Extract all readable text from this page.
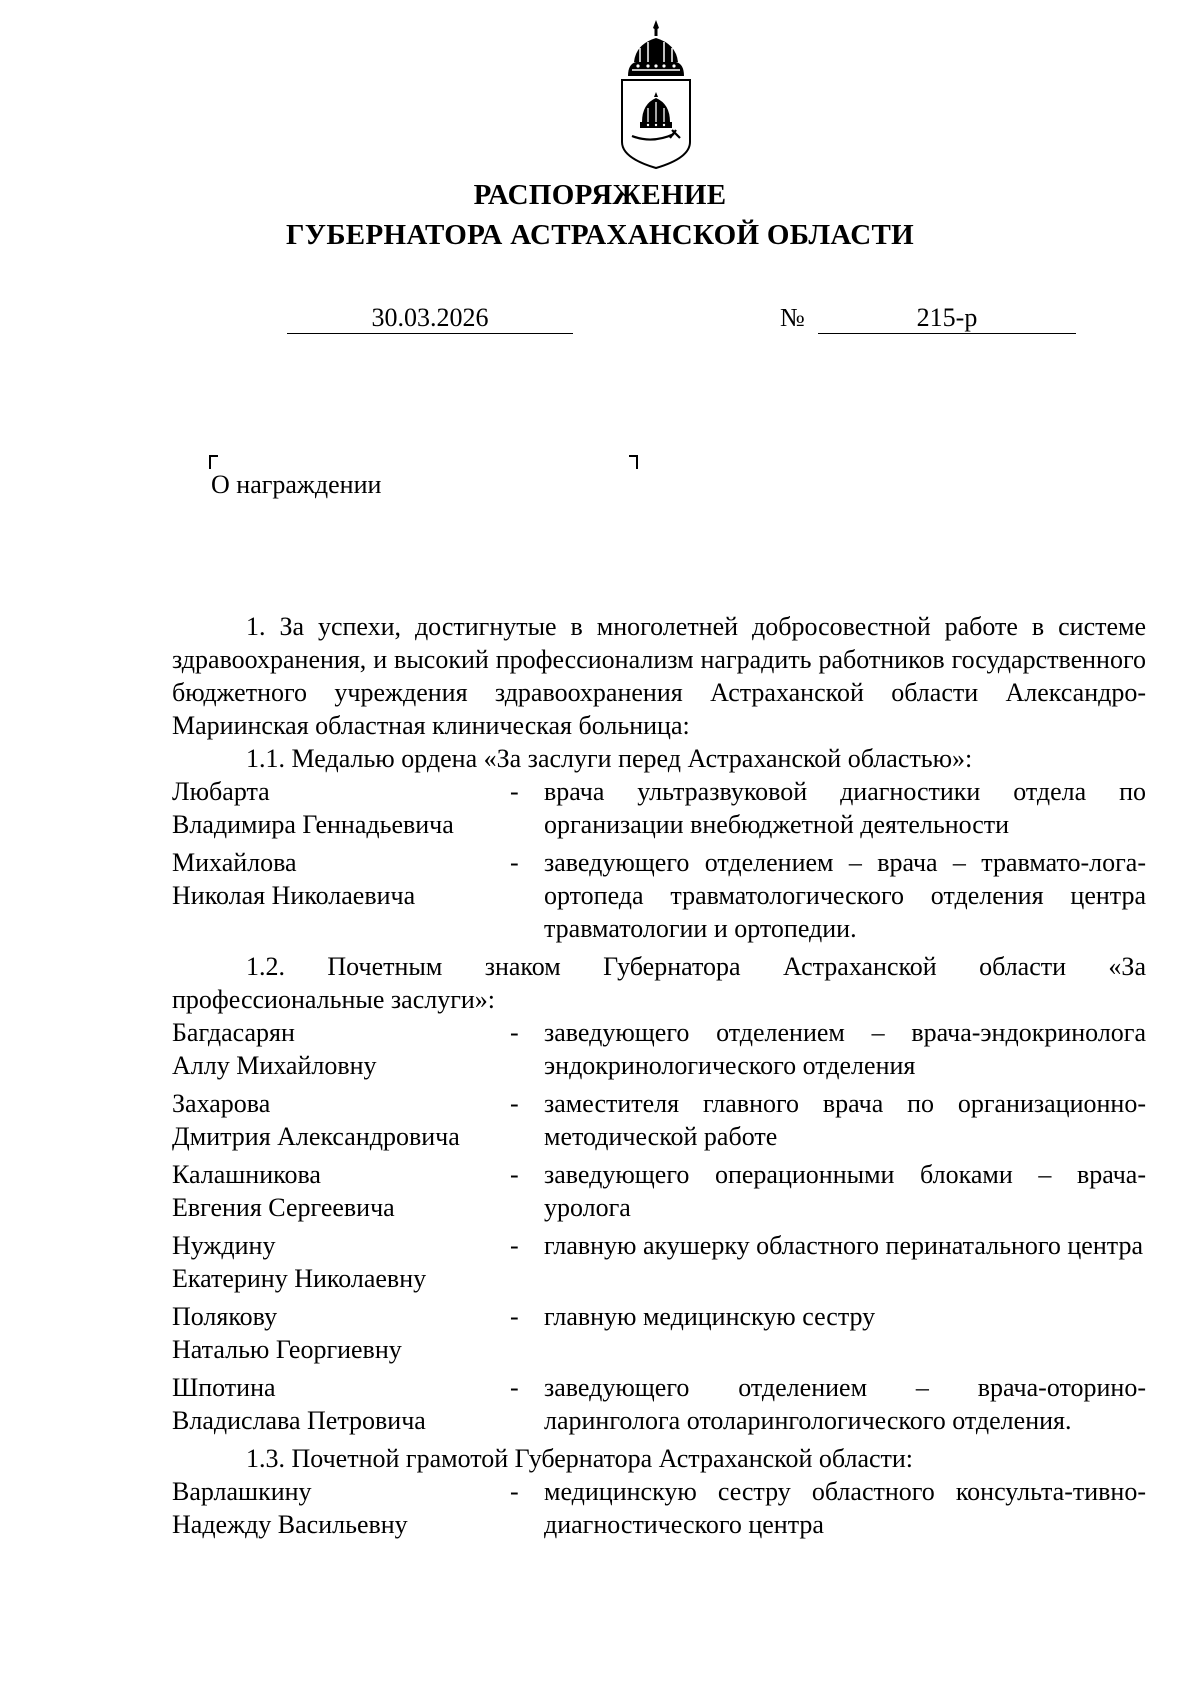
РАСПОРЯЖЕНИЕ
ГУБЕРНАТОРА АСТРАХАНСКОЙ ОБЛАСТИ
30.03.2026	№	215-р
О награждении

1. За успехи, достигнутые в многолетней добросовестной работе в системе здравоохранения, и высокий профессионализм наградить работников государственного бюджетного учреждения здравоохранения Астраханской области Александро-Мариинская областная клиническая больница:

1.1. Медалью ордена «За заслуги перед Астраханской областью»:

Любарта
Владимира Геннадьевича
- врача ультразвуковой диагностики отдела по организации внебюджетной деятельности
Михайлова
Николая Николаевича
- заведующего отделением – врача – травмато-лога-ортопеда травматологического отделения центра травматологии и ортопедии.

1.2. Почетным знаком Губернатора Астраханской области «За профессиональные заслуги»:

Багдасарян
Аллу Михайловну
- заведующего отделением – врача-эндокринолога эндокринологического отделения
Захарова
Дмитрия Александровича
- заместителя главного врача по организационно-методической работе
Калашникова
Евгения Сергеевича
- заведующего операционными блоками – врача-уролога
Нуждину
Екатерину Николаевну
- главную акушерку областного перинатального центра
Полякову
Наталью Георгиевну
- главную медицинскую сестру
Шпотина
Владислава Петровича
- заведующего отделением – врача-оторино-ларинголога отоларингологического отделения.

1.3. Почетной грамотой Губернатора Астраханской области:

Варлашкину
Надежду Васильевну
- медицинскую сестру областного консульта-тивно-диагностического центра
